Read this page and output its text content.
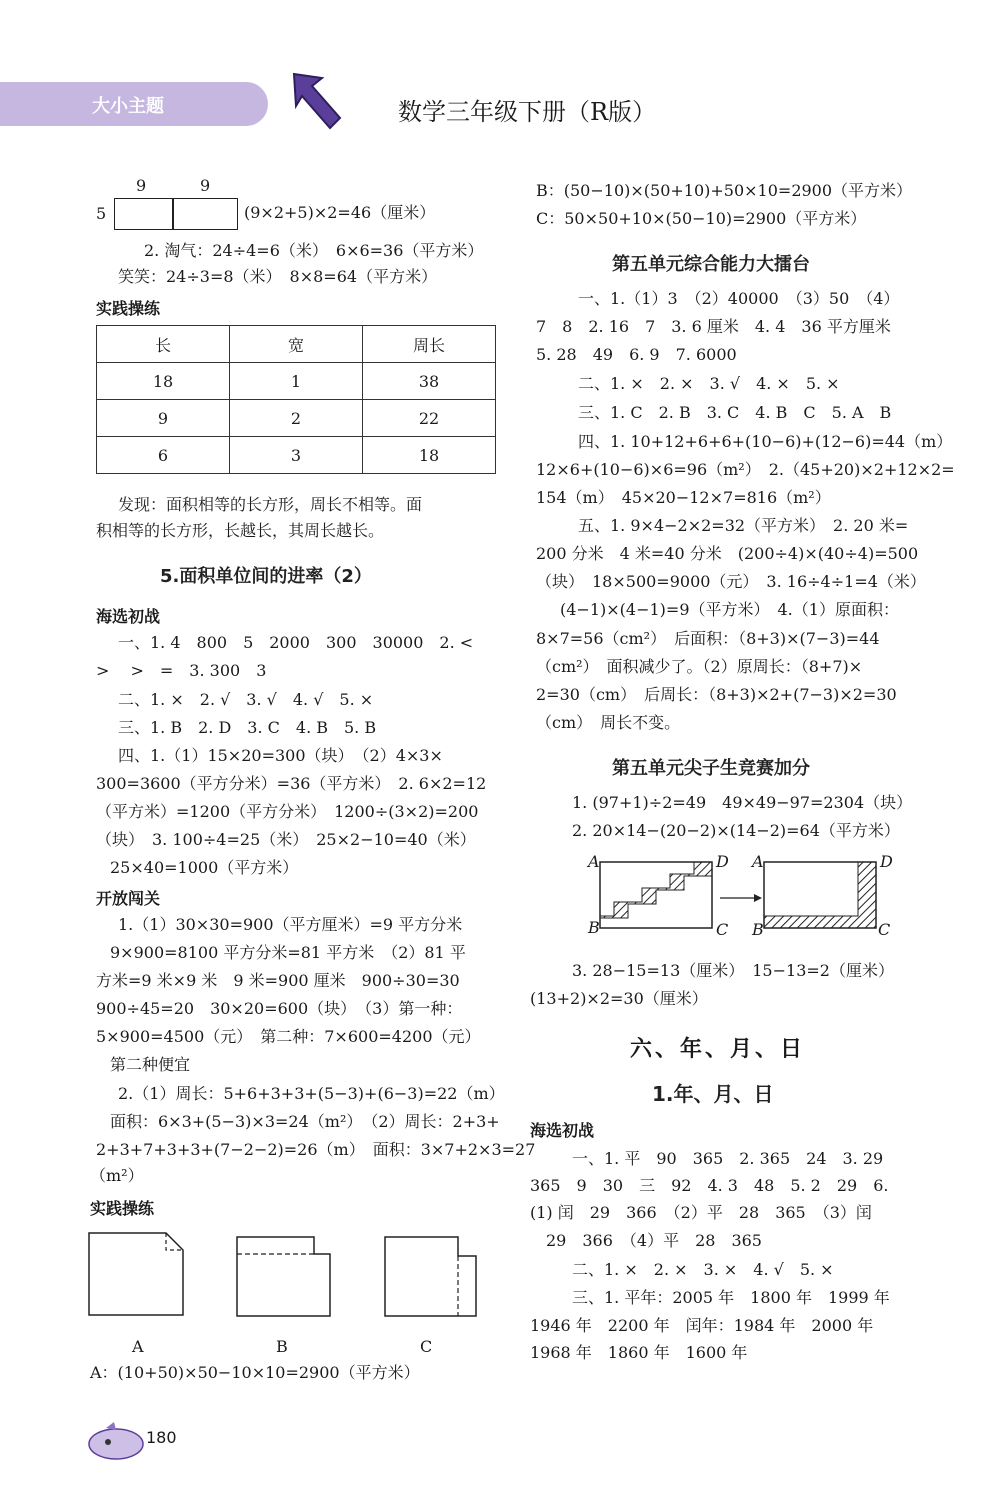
大小主题	数学三年级下册（R版）
9	9
5	(9×2+5)×2=46（厘米）
2. 淘气：24÷4=6（米）　6×6=36（平方米）
笑笑：24÷3=8（米）　8×8=64（平方米）
实践操练
长	宽	周长
18	1	38
9	2	22
6	3	18
发现：面积相等的长方形，周长不相等。面
积相等的长方形，长越长，其周长越长。
5.面积单位间的进率（2）
海选初战
一、1. 4　800　5　2000　300　30000　2. <
> 　>　=　3. 300　3
二、1. ×　2. √　3. √　4. √　5. ×
三、1. B　2. D　3. C　4. B　5. B
四、1.（1）15×20=300（块）　（2）4×3×
300=3600（平方分米）=36（平方米）　2. 6×2=12
（平方米）=1200（平方分米）　1200÷(3×2)=200
（块）　3. 100÷4=25（米）　25×2−10=40（米）
25×40=1000（平方米）
开放闯关
1.（1）30×30=900（平方厘米）=9 平方分米
9×900=8100 平方分米=81 平方米　（2）81 平
方米=9 米×9 米　9 米=900 厘米　900÷30=30
900÷45=20　30×20=600（块）　（3）第一种：
5×900=4500（元）　第二种：7×600=4200（元）
第二种便宜
2.（1）周长：5+6+3+3+(5−3)+(6−3)=22（m）
面积：6×3+(5−3)×3=24（m²）　（2）周长：2+3+
2+3+7+3+3+(7−2−2)=26（m）　面积：3×7+2×3=27
（m²）
实践操练
A	B	C
A：(10+50)×50−10×10=2900（平方米）
180
B：(50−10)×(50+10)+50×10=2900（平方米）
C：50×50+10×(50−10)=2900（平方米）
第五单元综合能力大擂台
一、1.（1）3　（2）40000　（3）50　（4）
7　8　2. 16　7　3. 6 厘米　4. 4　36 平方厘米
5. 28　49　6. 9　7. 6000
二、1. ×　2. ×　3. √　4. ×　5. ×
三、1. C　2. B　3. C　4. B　C　5. A　B
四、1. 10+12+6+6+(10−6)+(12−6)=44（m）
12×6+(10−6)×6=96（m²）　2.（45+20)×2+12×2=
154（m）　45×20−12×7=816（m²）
五、1. 9×4−2×2=32（平方米）　2. 20 米=
200 分米　4 米=40 分米　(200÷4)×(40÷4)=500
（块）　18×500=9000（元）　3. 16÷4÷1=4（米）
(4−1)×(4−1)=9（平方米）　4.（1）原面积：
8×7=56（cm²）　后面积：（8+3)×(7−3)=44
（cm²）　面积减少了。（2）原周长：（8+7)×
2=30（cm）　后周长：（8+3)×2+(7−3)×2=30
（cm）　周长不变。
第五单元尖子生竞赛加分
1. (97+1)÷2=49　49×49−97=2304（块）
2. 20×14−(20−2)×(14−2)=64（平方米）
A	D
B	C
A	D
B	C
3. 28−15=13（厘米）　15−13=2（厘米）
(13+2)×2=30（厘米）
六、年、月、日
1.年、月、日
海选初战
一、1. 平　90　365　2. 365　24　3. 29
365　9　30　三　92　4. 3　48　5. 2　29　6.
(1) 闰　29　366　（2）平　28　365　（3）闰
29　366　（4）平　28　365
二、1. ×　2. ×　3. ×　4. √　5. ×
三、1. 平年：2005 年　1800 年　1999 年
1946 年　2200 年　闰年：1984 年　2000 年
1968 年　1860 年　1600 年
